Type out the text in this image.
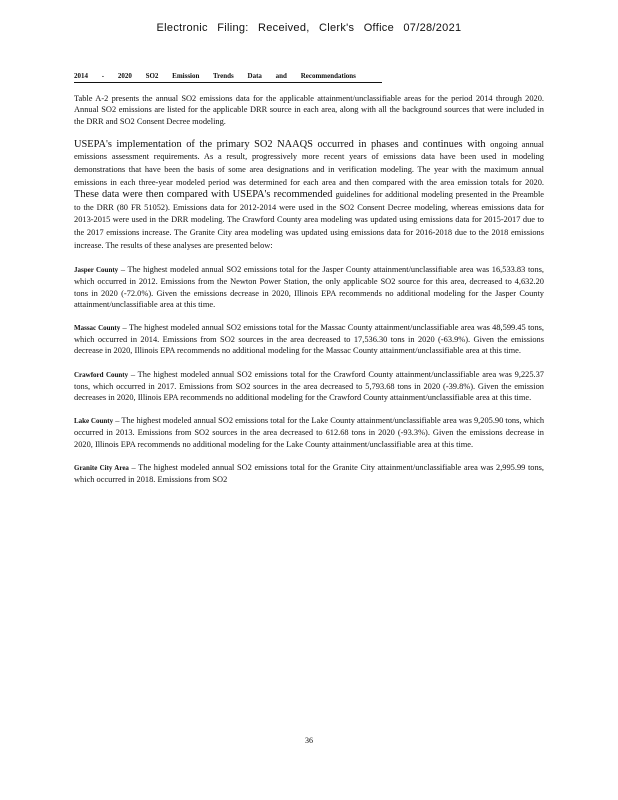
Electronic Filing: Received, Clerk's Office 07/28/2021
2014 - 2020 SO2 Emission Trends Data and Recommendations

Table A-2 presents the annual SO2 emissions data for the applicable attainment/unclassifiable areas for the period 2014 through 2020. Annual SO2 emissions are listed for the applicable DRR source in each area, along with all the background sources that were included in the DRR and SO2 Consent Decree modeling.

USEPA's implementation of the primary SO2 NAAQS occurred in phases and continues with ongoing annual emissions assessment requirements. As a result, progressively more recent years of emissions data have been used in modeling demonstrations that have been the basis of some area designations and in verification modeling. The year with the maximum annual emissions in each three-year modeled period was determined for each area and then compared with the area emission totals for 2020. These data were then compared with USEPA's recommended guidelines for additional modeling presented in the Preamble to the DRR (80 FR 51052). Emissions data for 2012-2014 were used in the SO2 Consent Decree modeling, whereas emissions data for 2013-2015 were used in the DRR modeling. The Crawford County area modeling was updated using emissions data for 2015-2017 due to the 2017 emissions increase. The Granite City area modeling was updated using emissions data for 2016-2018 due to the 2018 emissions increase. The results of these analyses are presented below:

Jasper County – The highest modeled annual SO2 emissions total for the Jasper County attainment/unclassifiable area was 16,533.83 tons, which occurred in 2012. Emissions from the Newton Power Station, the only applicable SO2 source for this area, decreased to 4,632.20 tons in 2020 (-72.0%). Given the emissions decrease in 2020, Illinois EPA recommends no additional modeling for the Jasper County attainment/unclassifiable area at this time.

Massac County – The highest modeled annual SO2 emissions total for the Massac County attainment/unclassifiable area was 48,599.45 tons, which occurred in 2014. Emissions from SO2 sources in the area decreased to 17,536.30 tons in 2020 (-63.9%). Given the emissions decrease in 2020, Illinois EPA recommends no additional modeling for the Massac County attainment/unclassifiable area at this time.

Crawford County – The highest modeled annual SO2 emissions total for the Crawford County attainment/unclassifiable area was 9,225.37 tons, which occurred in 2017. Emissions from SO2 sources in the area decreased to 5,793.68 tons in 2020 (-39.8%). Given the emission decreases in 2020, Illinois EPA recommends no additional modeling for the Crawford County attainment/unclassifiable area at this time.

Lake County – The highest modeled annual SO2 emissions total for the Lake County attainment/unclassifiable area was 9,205.90 tons, which occurred in 2013. Emissions from SO2 sources in the area decreased to 612.68 tons in 2020 (-93.3%). Given the emissions decrease in 2020, Illinois EPA recommends no additional modeling for the Lake County attainment/unclassifiable area at this time.

Granite City Area – The highest modeled annual SO2 emissions total for the Granite City attainment/unclassifiable area was 2,995.99 tons, which occurred in 2018. Emissions from SO2

36
